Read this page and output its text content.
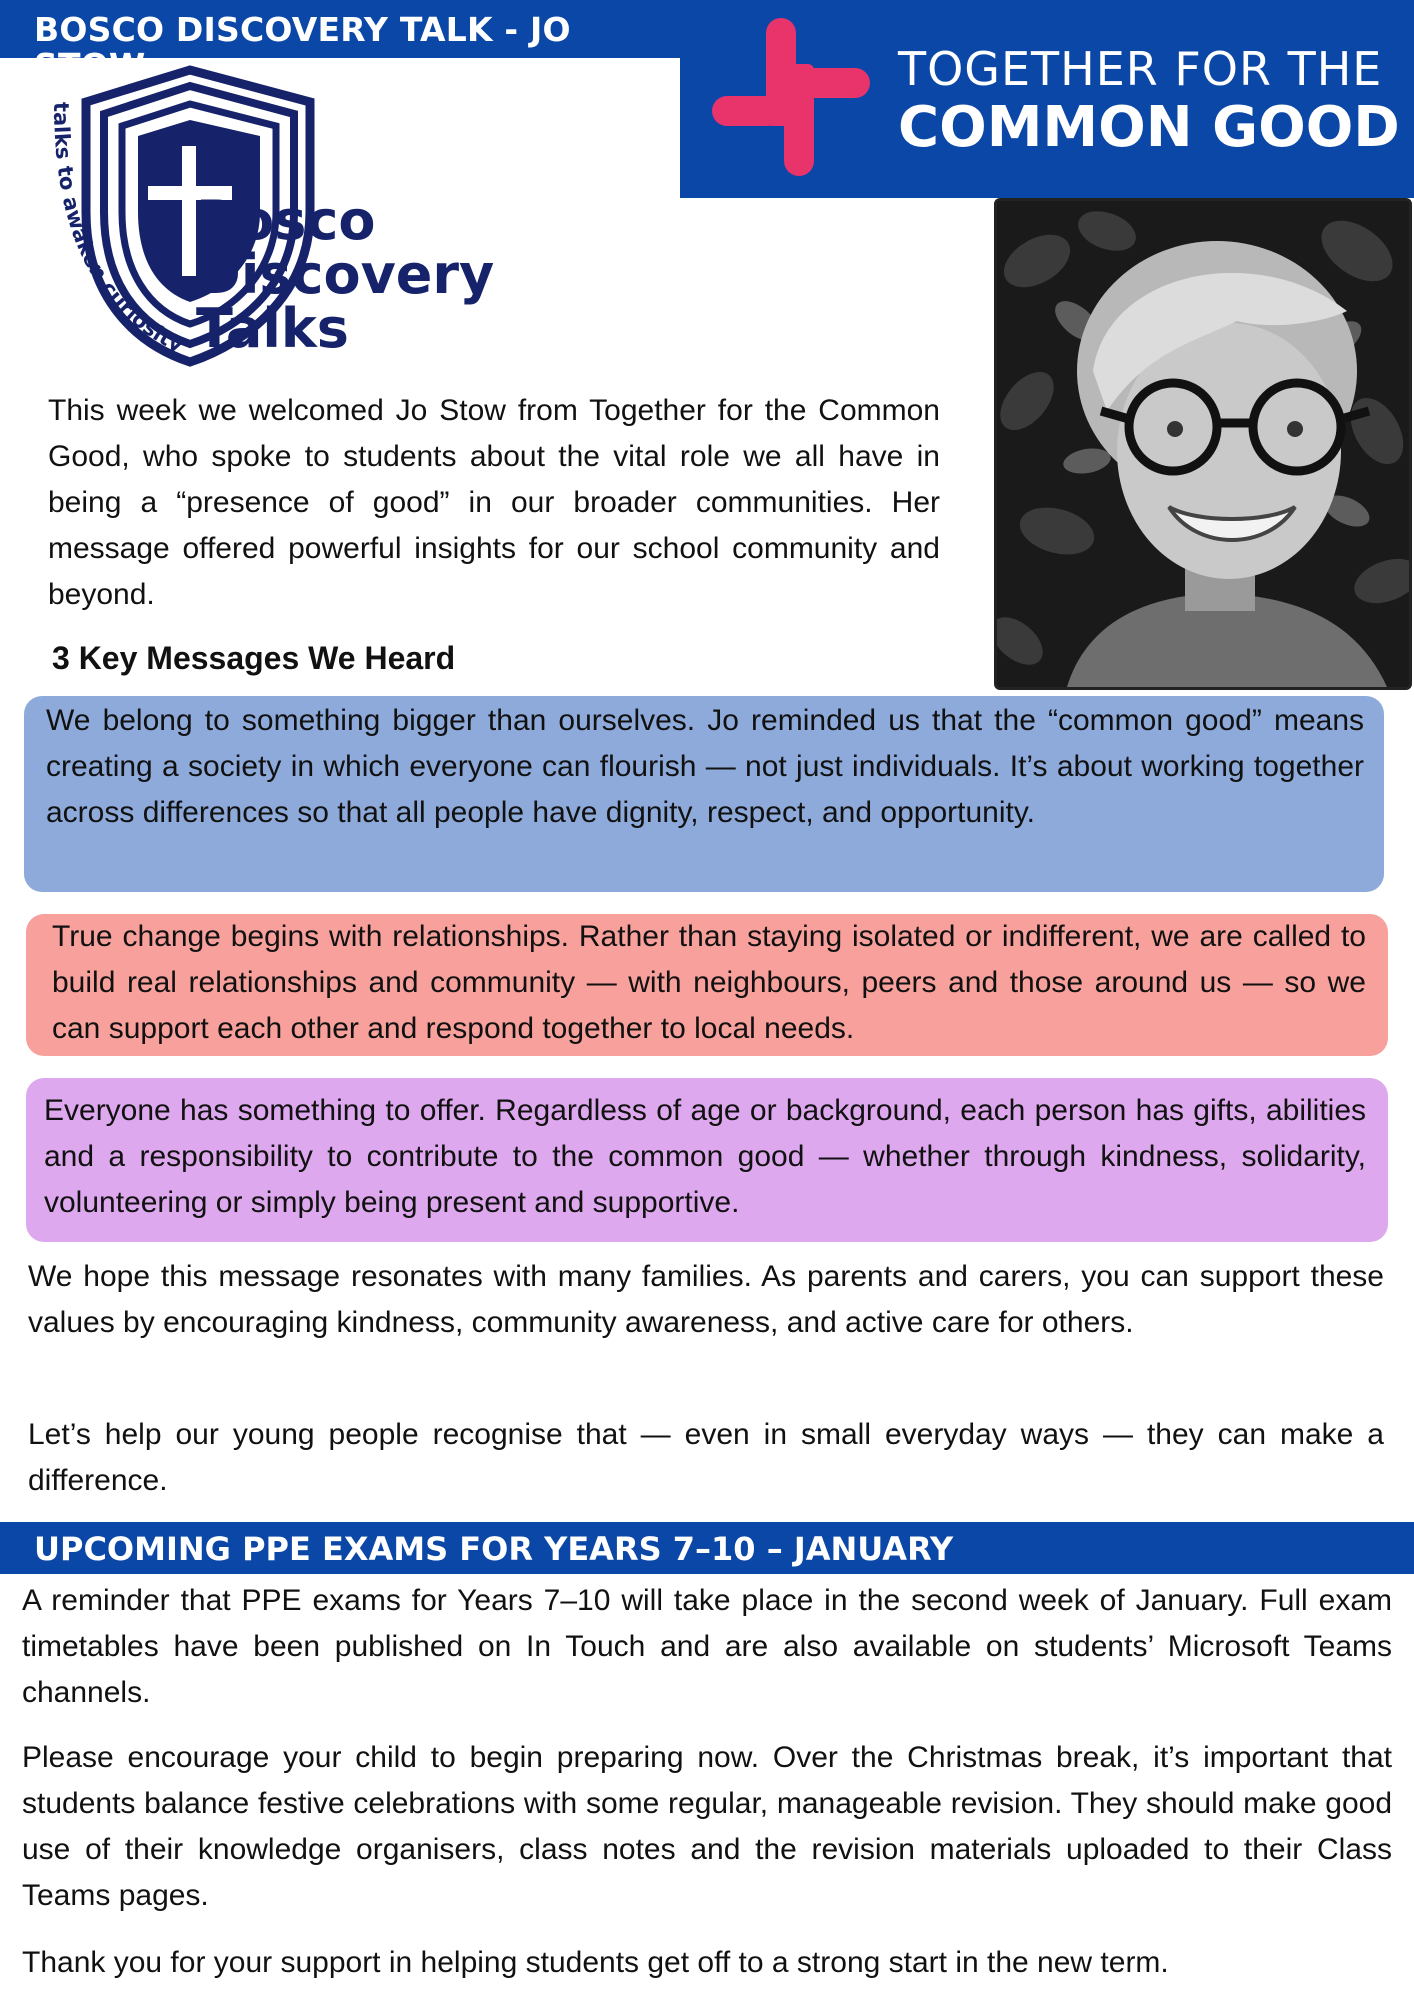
BOSCO DISCOVERY TALK - JO STOW	TOGETHER FOR THE
COMMON GOOD
talks to awaken curiosity
Bosco
Discovery
Talks

This week we welcomed Jo Stow from Together for the Common Good, who spoke to students about the vital role we all have in being a “presence of good” in our broader communities. Her message offered powerful insights for our school community and beyond.

3 Key Messages We Heard

We belong to something bigger than ourselves. Jo reminded us that the “common good” means creating a society in which everyone can flourish — not just individuals. It’s about working together across differences so that all people have dignity, respect, and opportunity.

True change begins with relationships. Rather than staying isolated or indifferent, we are called to build real relationships and community — with neighbours, peers and those around us — so we can support each other and respond together to local needs.

Everyone has something to offer. Regardless of age or background, each person has gifts, abilities and a responsibility to contribute to the common good — whether through kindness, solidarity, volunteering or simply being present and supportive.

We hope this message resonates with many families. As parents and carers, you can support these values by encouraging kindness, community awareness, and active care for others.

Let’s help our young people recognise that — even in small everyday ways — they can make a difference.

UPCOMING PPE EXAMS FOR YEARS 7–10 – JANUARY

A reminder that PPE exams for Years 7–10 will take place in the second week of January. Full exam timetables have been published on In Touch and are also available on students’ Microsoft Teams channels.

Please encourage your child to begin preparing now. Over the Christmas break, it’s important that students balance festive celebrations with some regular, manageable revision. They should make good use of their knowledge organisers, class notes and the revision materials uploaded to their Class Teams pages.

Thank you for your support in helping students get off to a strong start in the new term.
